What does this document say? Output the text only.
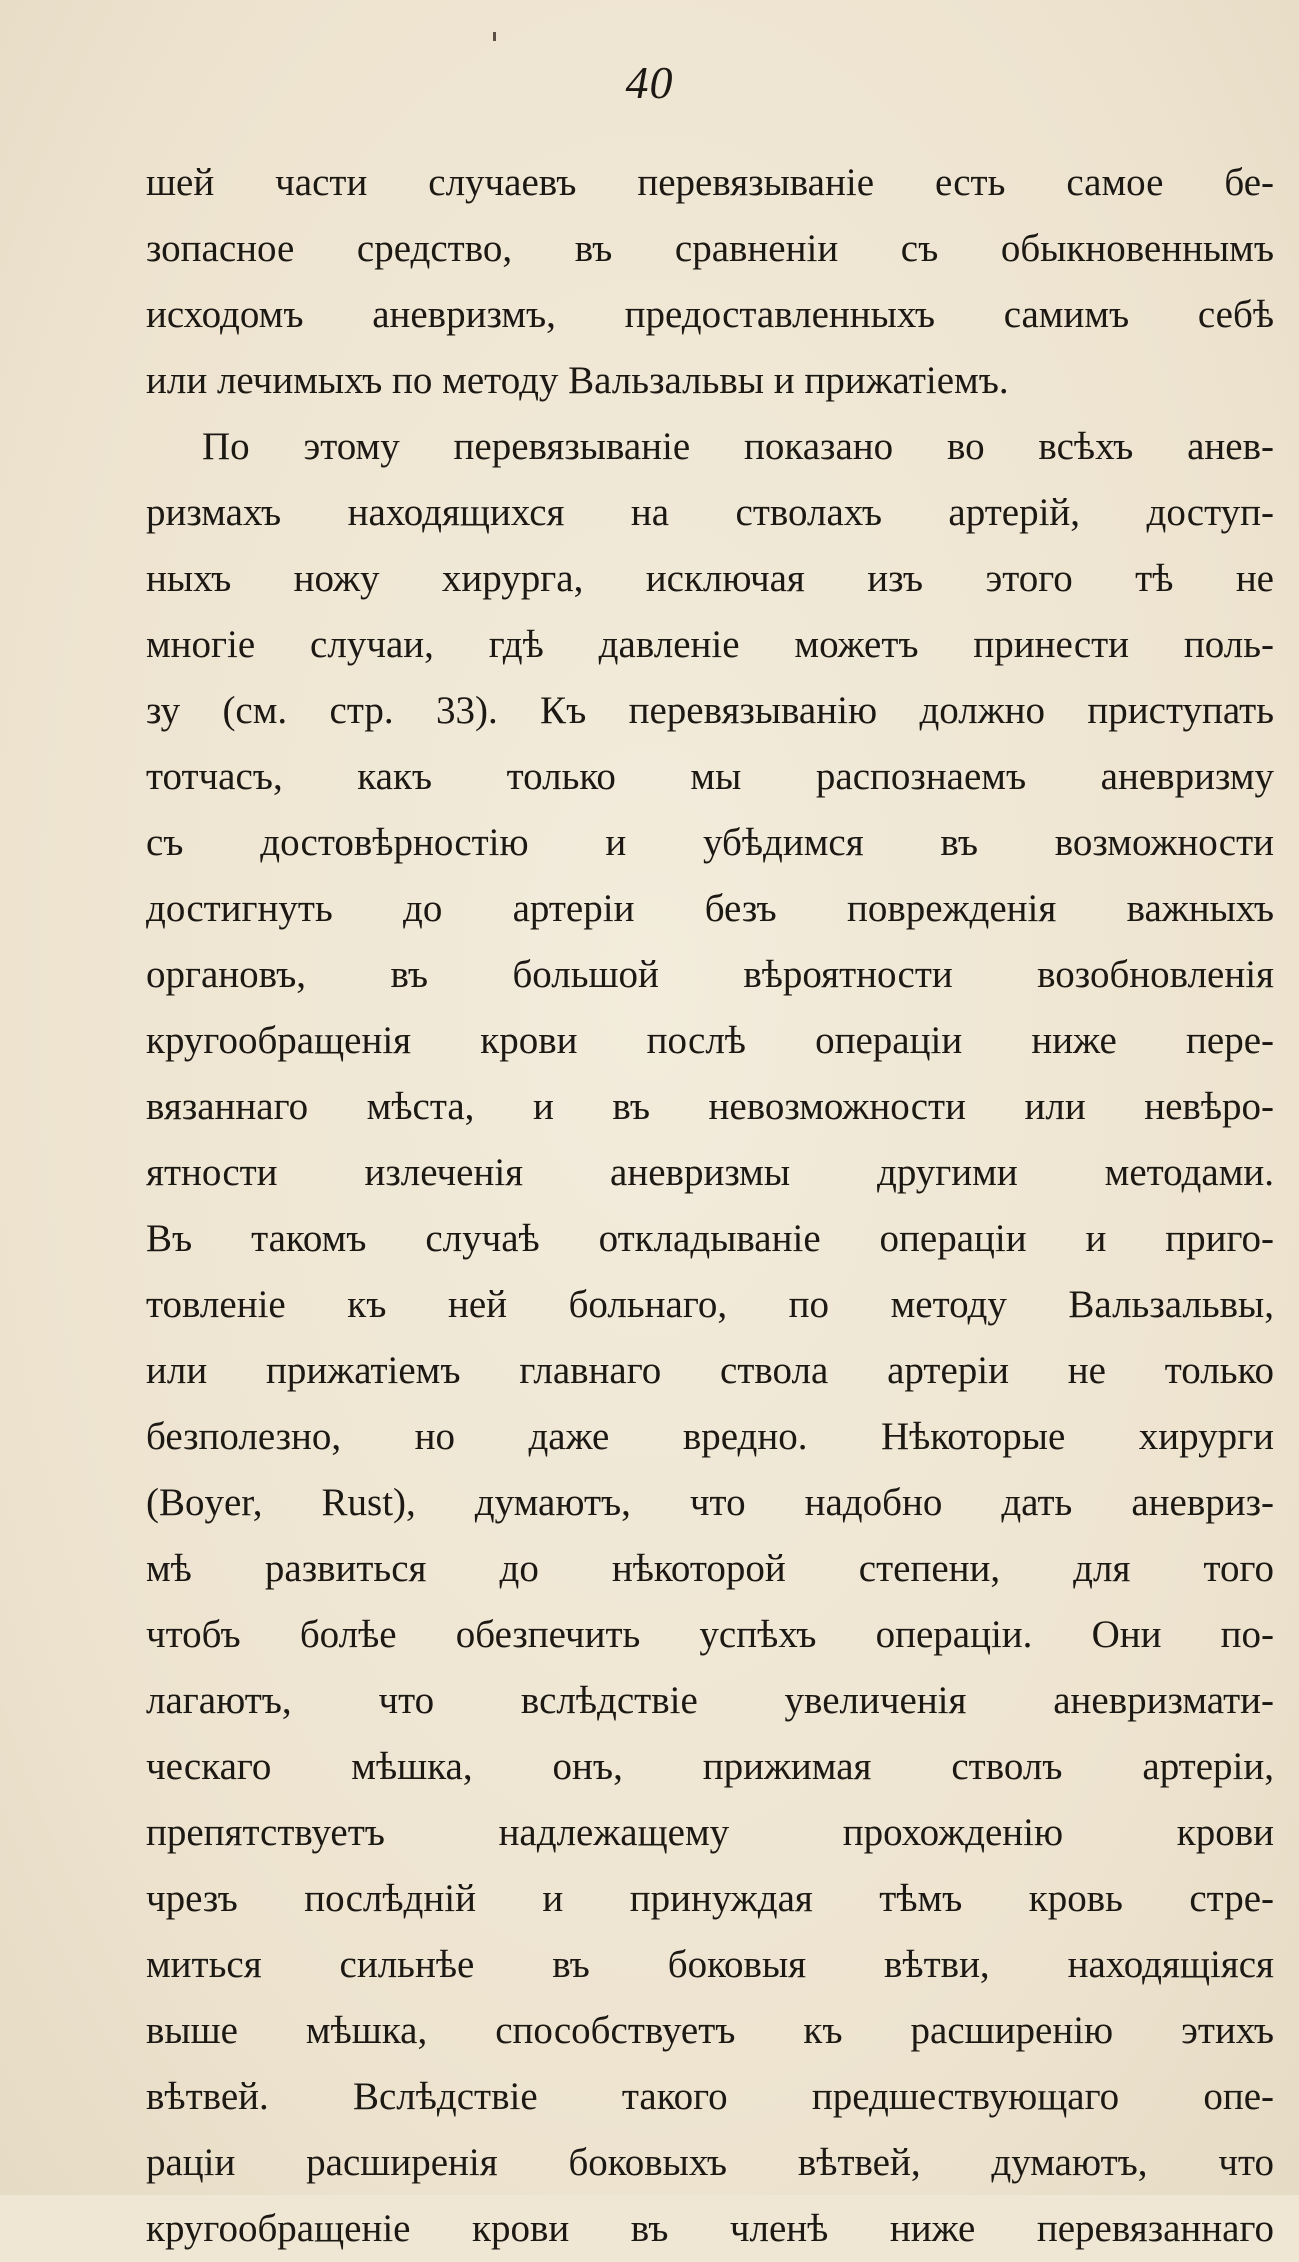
40
шей части случаевъ перевязываніе есть самое бе-
зопасное средство, въ сравненіи съ обыкновеннымъ
исходомъ аневризмъ, предоставленныхъ самимъ себѣ
или лечимыхъ по методу Вальзальвы и прижатіемъ.
По этому перевязываніе показано во всѣхъ анев-
ризмахъ находящихся на стволахъ артерій, доступ-
ныхъ ножу хирурга, исключая изъ этого тѣ не
многіе случаи, гдѣ давленіе можетъ принести поль-
зу (см. стр. 33). Къ перевязыванію должно приступать
тотчасъ, какъ только мы распознаемъ аневризму
съ достовѣрностію и убѣдимся въ возможности
достигнуть до артеріи безъ поврежденія важныхъ
органовъ, въ большой вѣроятности возобновленія
кругообращенія крови послѣ операціи ниже пере-
вязаннаго мѣста, и въ невозможности или невѣро-
ятности излеченія аневризмы другими методами.
Въ такомъ случаѣ откладываніе операціи и приго-
товленіе къ ней больнаго, по методу Вальзальвы,
или прижатіемъ главнаго ствола артеріи не только
безполезно, но даже вредно. Нѣкоторые хирурги
(Boyer, Rust), думаютъ, что надобно дать аневриз-
мѣ развиться до нѣкоторой степени, для того
чтобъ болѣе обезпечить успѣхъ операціи. Они по-
лагаютъ, что вслѣдствіе увеличенія аневризмати-
ческаго мѣшка, онъ, прижимая стволъ артеріи,
препятствуетъ надлежащему прохожденію крови
чрезъ послѣдній и принуждая тѣмъ кровь стре-
миться сильнѣе въ боковыя вѣтви, находящіяся
выше мѣшка, способствуетъ къ расширенію этихъ
вѣтвей. Вслѣдствіе такого предшествующаго опе-
раціи расширенія боковыхъ вѣтвей, думаютъ, что
кругообращеніе крови въ членѣ ниже перевязаннаго
